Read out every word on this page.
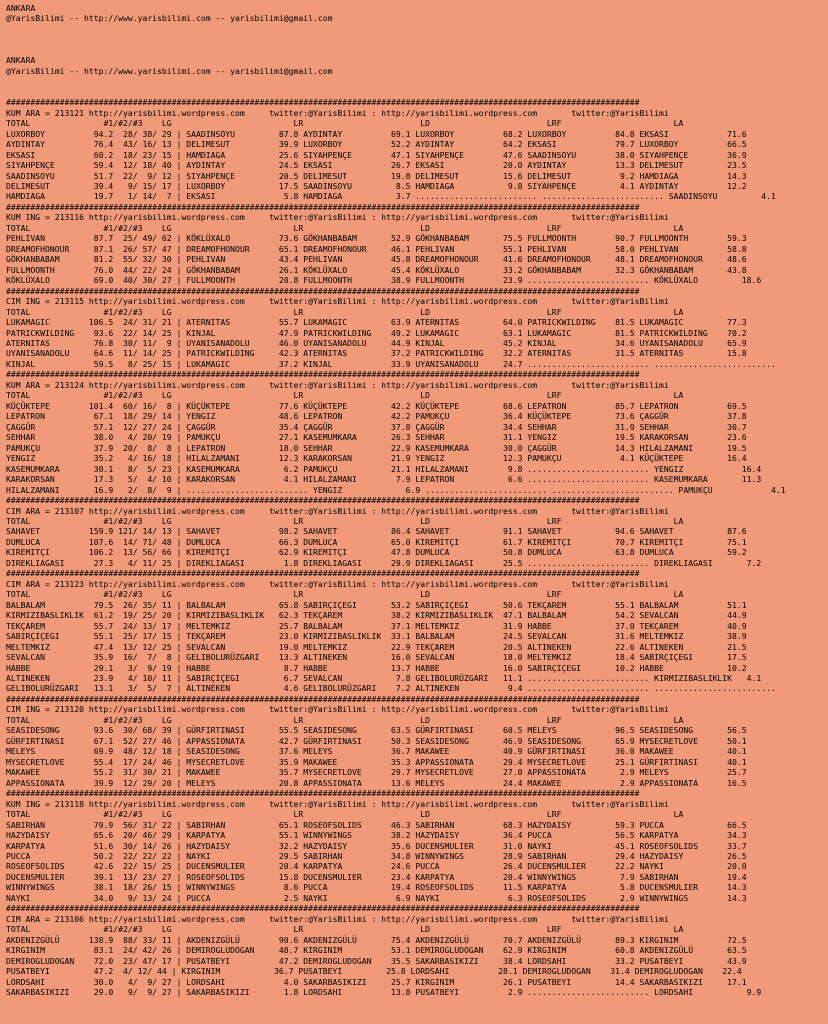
ANKARA
@YarisBilimi -- http://www.yarisbilimi.com -- yarisbilimi@gmail.com

ANKARA
@YarisBilimi -- http://www.yarisbilimi.com -- yarisbilimi@gmail.com

##################################################################################################################################
KUM ARA = 213121 http://yarisbilimi.wordpress.com     twitter:@YarisBilimi : http://yarisbilimi.wordpress.com       twitter:@YarisBilimi
TOTAL               #1/#2/#3    LG                         LR                        LD                        LRF                       LA
LUXORBOY          94.2  28/ 38/ 29 | SAADINSOYU         87.8 AYDINTAY          69.1 LUXORBOY          68.2 LUXORBOY          84.8 EKSASI            71.6
AYDINTAY          76.4  43/ 16/ 13 | DELIMESUT          39.9 LUXORBOY          52.2 AYDINTAY          64.2 EKSASI            79.7 LUXORBOY          66.5
EKSASI            60.2  18/ 23/ 15 | HAMDIAGA           25.6 SIYAHPENÇE        47.1 SIYAHPENÇE        47.6 SAADINSOYU        38.0 SIYAHPENÇE        36.9
SIYAHPENÇE        59.4  12/ 18/ 40 | AYDINTAY           24.5 EKSASI            26.7 EKSASI            20.0 AYDINTAY          13.3 DELIMESUT         23.5
SAADINSOYU        51.7  22/  9/ 12 | SIYAHPENÇE         20.5 DELIMESUT         19.8 DELIMESUT         15.6 DELIMESUT          9.2 HAMDIAGA          14.3
DELIMESUT         39.4   9/ 15/ 17 | LUXORBOY           17.5 SAADINSOYU         8.5 HAMDIAGA           9.8 SIYAHPENÇE         4.1 AYDINTAY          12.2
HAMDIAGA          19.7   1/ 14/  7 | EKSASI              5.8 HAMDIAGA           3.7 ......................... ......................... SAADINSOYU         4.1
##################################################################################################################################
KUM ING = 213116 http://yarisbilimi.wordpress.com     twitter:@YarisBilimi : http://yarisbilimi.wordpress.com       twitter:@YarisBilimi
TOTAL               #1/#2/#3    LG                         LR                        LD                        LRF                       LA
PEHLIVAN          87.7  25/ 49/ 62 | KÖKLÜXALO          73.6 GÖKHANBABAM       52.9 GÖKHANBABAM       75.5 FULLMOONTH        90.7 FULLMOONTH        59.3
DREAMOFHONOUR     87.1  26/ 57/ 47 | DREAMOFHONOUR      65.1 DREAMOFHONOUR     46.1 PEHLIVAN          55.1 PEHLIVAN          58.0 PEHLIVAN          58.8
GÖKHANBABAM       81.2  55/ 32/ 30 | PEHLIVAN           43.4 PEHLIVAN          45.8 DREAMOFHONOUR     41.6 DREAMOFHONOUR     48.1 DREAMOFHONOUR     48.6
FULLMOONTH        76.0  44/ 22/ 24 | GÖKHANBABAM        26.1 KÖKLÜXALO         45.4 KÖKLÜXALO         33.2 GÖKHANBABAM       32.3 GÖKHANBABAM       43.8
KÖKLÜXALO         69.0  40/ 30/ 27 | FULLMOONTH         20.8 FULLMOONTH        38.9 FULLMOONTH        23.9 ......................... KÖKLÜXALO         18.6
##################################################################################################################################
CIM ING = 213115 http://yarisbilimi.wordpress.com     twitter:@YarisBilimi : http://yarisbilimi.wordpress.com       twitter:@YarisBilimi
TOTAL               #1/#2/#3    LG                         LR                        LD                        LRF                       LA
LUKAMAGIC        106.5  24/ 31/ 21 | ATERNITAS          55.7 LUKAMAGIC         63.9 ATERNITAS         64.0 PATRICKWILDING    81.5 LUKAMAGIC         77.3
PATRICKWILDING    93.6  22/ 14/ 25 | KINJAL             47.9 PATRICKWILDING    49.2 LUKAMAGIC         63.1 LUKAMAGIC         81.5 PATRICKWILDING    70.2
ATERNITAS         76.8  30/ 11/  9 | UYANISANADOLU      46.0 UYANISANADOLU     44.9 KINJAL            45.2 KINJAL            34.6 UYANISANADOLU     65.9
UYANISANADOLU     64.6  11/ 14/ 25 | PATRICKWILDING     42.3 ATERNITAS         37.2 PATRICKWILDING    32.2 ATERNITAS         31.5 ATERNITAS         15.8
KINJAL            59.5   8/ 25/ 15 | LUKAMAGIC          37.2 KINJAL            33.9 UYANISANADOLU     24.7 ......................... .........................
##################################################################################################################################
KUM ARA = 213124 http://yarisbilimi.wordpress.com     twitter:@YarisBilimi : http://yarisbilimi.wordpress.com       twitter:@YarisBilimi
TOTAL               #1/#2/#3    LG                         LR                        LD                        LRF                       LA
KÜÇÜKTEPE        101.4  60/ 16/  8 | KÜÇÜKTEPE          77.6 KÜÇÜKTEPE         42.2 KÜÇÜKTEPE         68.6 LEPATRON          85.7 LEPATRON          69.5
LEPATRON          67.1  18/ 29/ 14 | YENGIZ             48.6 LEPATRON          42.2 PAMUKÇU           36.4 KÜÇÜKTEPE         73.6 ÇAGGÜR            37.8
ÇAGGÜR            57.1  12/ 27/ 24 | ÇAGGÜR             35.4 ÇAGGÜR            37.8 ÇAGGÜR            34.4 SEHHAR            31.9 SEHHAR            30.7
SEHHAR            38.0   4/ 20/ 19 | PAMUKÇU            27.1 KASEMUMKARA       26.3 SEHHAR            31.1 YENGIZ            19.5 KARAKORSAN        23.6
PAMUKÇU           37.9  20/  8/  8 | LEPATRON           18.0 SEHHAR            22.9 KASEMUMKARA       30.0 ÇAGGÜR            14.3 HILALZAMANI       19.5
YENGIZ            35.2   4/ 16/ 18 | HILALZAMANI        12.3 KARAKORSAN        21.9 YENGIZ            12.3 PAMUKÇU            4.1 KÜÇÜKTEPE         16.4
KASEMUMKARA       30.1   8/  5/ 23 | KASEMUMKARA         6.2 PAMUKÇU           21.1 HILALZAMANI        9.8 ......................... YENGIZ            16.4
KARAKORSAN        17.3   5/  4/ 10 | KARAKORSAN          4.1 HILALZAMANI        7.9 LEPATRON           6.6 ......................... KASEMUMKARA       11.3
HILALZAMANI       16.9   2/  8/  9 | ......................... YENGIZ             6.9 ......................... ......................... PAMUKÇU            4.1
##################################################################################################################################
CIM ARA = 213107 http://yarisbilimi.wordpress.com     twitter:@YarisBilimi : http://yarisbilimi.wordpress.com       twitter:@YarisBilimi
TOTAL               #1/#2/#3    LG                         LR                        LD                        LRF                       LA
SAHAVET          159.9 121/ 14/ 13 | SAHAVET            98.2 SAHAVET           86.4 SAHAVET           91.1 SAHAVET           94.6 SAHAVET           87.6
DUMLUCA          107.6  14/ 71/ 48 | DUMLUCA            66.3 DUMLUCA           65.0 KIREMITÇI         61.7 KIREMITÇI         70.7 KIREMITÇI         75.1
KIREMITÇI        106.2  13/ 56/ 66 | KIREMITÇI          62.9 KIREMITÇI         47.8 DUMLUCA           50.8 DUMLUCA           63.8 DUMLUCA           59.2
DIREKLIAGASI      27.3   4/ 11/ 25 | DIREKLIAGASI        1.8 DIREKLIAGASI      29.9 DIREKLIAGASI      25.5 ......................... DIREKLIAGASI       7.2
##################################################################################################################################
CIM ARA = 213123 http://yarisbilimi.wordpress.com     twitter:@YarisBilimi : http://yarisbilimi.wordpress.com       twitter:@YarisBilimi
TOTAL               #1/#2/#3    LG                         LR                        LD                        LRF                       LA
BALBALAM          79.5  26/ 35/ 11 | BALBALAM           65.8 SABIRÇIÇEGI       53.2 SABIRÇIÇEGI       50.6 TEKÇAREM          55.1 BALBALAM          51.1
KIRMIZIBASLIKLIK  61.2  19/ 25/ 20 | KIRMIZIBASLIKLIK   62.3 TEKÇAREM          38.2 KIRMIZIBASLIKLIK  47.1 BALBALAM          54.2 SEVALCAN          44.9
TEKÇAREM          55.7  24/ 13/ 17 | MELTEMKIZ          25.7 BALBALAM          37.1 MELTEMKIZ         31.9 HABBE             37.0 TEKÇAREM          40.9
SABIRÇIÇEGI       55.1  25/ 17/ 15 | TEKÇAREM           23.0 KIRMIZIBASLIKLIK  33.1 BALBALAM          24.5 SEVALCAN          31.6 MELTEMKIZ         38.9
MELTEMKIZ         47.4  13/ 12/ 25 | SEVALCAN           19.0 MELTEMKIZ         22.9 TEKÇAREM          20.5 ALTINEKEN         22.6 ALTINEKEN         21.5
SEVALCAN          35.9  16/  7/  8 | GELIBOLURÜZGARI    13.3 ALTINEKEN         16.0 SEVALCAN          18.0 MELTEMKIZ         18.4 SABIRÇIÇEGI       17.5
HABBE             29.1   3/  9/ 19 | HABBE               8.7 HABBE             13.7 HABBE             16.0 SABIRÇIÇEGI       10.2 HABBE             10.2
ALTINEKEN         23.9   4/ 10/ 11 | SABIRÇIÇEGI         6.7 SEVALCAN           7.8 GELIBOLURÜZGARI   11.1 ......................... KIRMIZIBASLIKLIK   4.1
GELIBOLURÜZGARI   13.1   3/  5/  7 | ALTINEKEN           4.6 GELIBOLURÜZGARI    7.2 ALTINEKEN          9.4 ......................... .........................
##################################################################################################################################
CIM ING = 213120 http://yarisbilimi.wordpress.com     twitter:@YarisBilimi : http://yarisbilimi.wordpress.com       twitter:@YarisBilimi
TOTAL               #1/#2/#3    LG                         LR                        LD                        LRF                       LA
SEASIDESONG       93.6  30/ 68/ 39 | GÜRFIRTINASI       55.5 SEASIDESONG       63.5 GÜRFIRTINASI      60.5 MELEYS            96.5 SEASIDESONG       56.5
GÜRFIRTINASI      67.1  52/ 27/ 46 | APPASSIONATA       42.7 GÜRFIRTINASI      50.3 SEASIDESONG       46.9 SEASIDESONG       65.9 MYSECRETLOVE      50.1
MELEYS            69.9  48/ 12/ 18 | SEASIDESONG        37.6 MELEYS            36.7 MAKAWEE           40.9 GÜRFIRTINASI      36.0 MAKAWEE           40.1
MYSECRETLOVE      55.4  17/ 24/ 46 | MYSECRETLOVE       35.9 MAKAWEE           35.3 APPASSIONATA      29.4 MYSECRETLOVE      25.1 GÜRFIRTINASI      40.1
MAKAWEE           55.2  31/ 30/ 21 | MAKAWEE            35.7 MYSECRETLOVE      29.7 MYSECRETLOVE      27.0 APPASSIONATA       2.9 MELEYS            25.7
APPASSIONATA      39.9  12/ 29/ 20 | MELEYS             20.8 APPASSIONATA      13.6 MELEYS            24.4 MAKAWEE            2.9 APPASSIONATA      16.5
##################################################################################################################################
KUM ING = 213118 http://yarisbilimi.wordpress.com     twitter:@YarisBilimi : http://yarisbilimi.wordpress.com       twitter:@YarisBilimi
TOTAL               #1/#2/#3    LG                         LR                        LD                        LRF                       LA
SABIRHAN          79.9  56/ 31/ 22 | SABIRHAN           65.1 ROSEOFSOLIDS      46.3 SABIRHAN          68.3 HAZYDAISY         59.3 PUCCA             66.5
HAZYDAISY         65.6  20/ 46/ 29 | KARPATYA           55.1 WINNYWINGS        38.2 HAZYDAISY         36.4 PUCCA             56.5 KARPATYA          34.3
KARPATYA          51.6  30/ 14/ 26 | HAZYDAISY          32.2 HAZYDAISY         35.6 DUCENSMULIER      31.0 NAYKI             45.1 ROSEOFSOLIDS      33.7
PUCCA             50.2  22/ 22/ 22 | NAYKI              29.5 SABIRHAN          34.8 WINNYWINGS        28.9 SABIRHAN          29.4 HAZYDAISY         26.5
ROSEOFSOLIDS      42.6  22/ 15/ 25 | DUCENSMULIER       20.4 KARPATYA          24.6 PUCCA             26.4 DUCENSMULIER      22.2 NAYKI             20.0
DUCENSMULIER      39.1  13/ 23/ 27 | ROSEOFSOLIDS       15.8 DUCENSMULIER      23.4 KARPATYA          20.4 WINNYWINGS         7.9 SABIRHAN          19.4
WINNYWINGS        38.1  18/ 26/ 15 | WINNYWINGS          8.6 PUCCA             19.4 ROSEOFSOLIDS      11.5 KARPATYA           5.8 DUCENSMULIER      14.3
NAYKI             34.0   9/ 13/ 24 | PUCCA               2.5 NAYKI              6.9 NAYKI              6.3 ROSEOFSOLIDS       2.9 WINNYWINGS        14.3
##################################################################################################################################
CIM ARA = 213106 http://yarisbilimi.wordpress.com     twitter:@YarisBilimi : http://yarisbilimi.wordpress.com       twitter:@YarisBilimi
TOTAL               #1/#2/#3    LG                         LR                        LD                        LRF                       LA
AKDENIZGÜLÜ      138.9  88/ 33/ 11 | AKDENIZGÜLÜ        90.6 AKDENIZGÜLÜ       75.4 AKDENIZGÜLÜ       70.7 AKDENIZGÜLÜ       89.3 KIRGINIM          72.5
KIRGINIM          83.1  24/ 42/ 26 | DEMIROGLUDOGAN     48.7 KIRGINIM          53.1 DEMIROGLUDOGAN    62.9 KIRGINIM          60.8 AKDENIZGÜLÜ       63.5
DEMIROGLUDOGAN    72.0  23/ 47/ 17 | PUSATBEYI          47.2 DEMIROGLUDOGAN    35.5 SAKARBASIKIZI     38.4 LORDSAHI          33.2 PUSATBEYI         43.9
PUSATBEYI         47.2  4/ 12/ 44 | KIRGINIM           36.7 PUSATBEYI         25.8 LORDSAHI          28.1 DEMIROGLUDOGAN    31.4 DEMIROGLUDOGAN    22.4
LORDSAHI          30.0   4/  9/ 27 | LORDSAHI            4.0 SAKARBASIKIZI     25.7 KIRGINIM          26.1 PUSATBEYI         14.4 SAKARBASIKIZI     17.1
SAKARBASIKIZI     29.0   9/  9/ 27 | SAKARBASIKIZI       1.8 LORDSAHI          13.8 PUSATBEYI          2.9 ......................... LORDSAHI           9.9
